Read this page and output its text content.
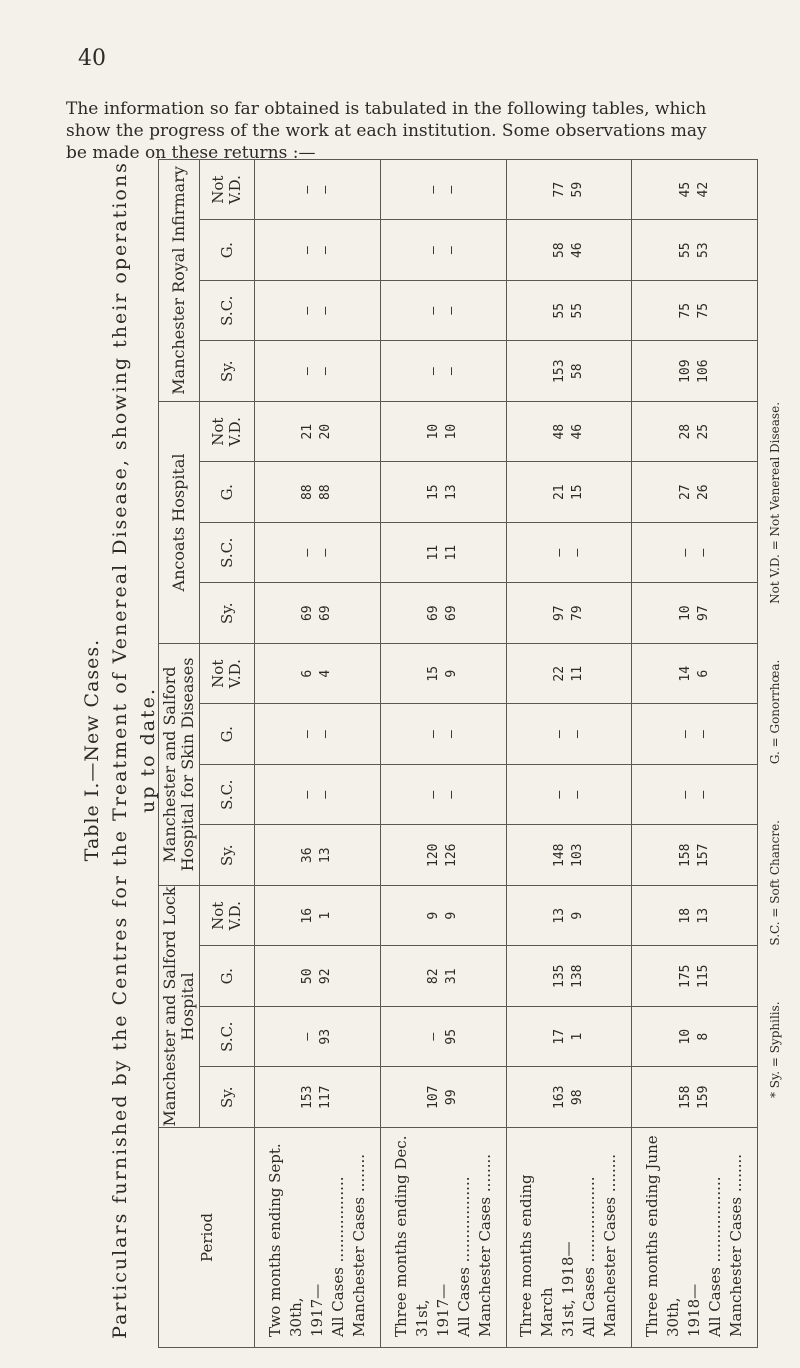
40
The information so far obtained is tabulated in the following tables, which
show the progress of the work at each institution. Some observations may
be made on these returns :—
Table I.—New Cases. Particulars furnished by the Centres for the Treatment of Venereal Disease, showing their operations up to date.
Period	Manchester and Salford Lock Hospital				Manchester and Salford Hospital for Skin Diseases				Ancoats Hospital				Manchester Royal Infirmary			
	Sy.	S.C.	G.	Not V.D.	Sy.	S.C.	G.	Not V.D.	Sy.	S.C.	G.	Not V.D.	Sy.	S.C.	G.	Not V.D.

Two months ending Sept. 30th, 1917— All Cases .................. Manchester Cases ........	153 117	— 93	50 92	16 1	36 13	— —	— —	6 4	69 69	— —	88 88	21 20	— —	— —	— —	— —

Three months ending Dec. 31st, 1917— All Cases .................. Manchester Cases ........	107 99	— 95	82 31	9 9	120 126	— —	— —	15 9	69 69	11 11	15 13	10 10	— —	— —	— —	— —

Three months ending March 31st, 1918— All Cases .................. Manchester Cases ........	163 98	17 1	135 138	13 9	148 103	— —	— —	22 11	97 79	— —	21 15	48 46	153 58	55 55	58 46	77 59

Three months ending June 30th, 1918— All Cases .................. Manchester Cases ........	158 159	10 8	175 115	18 13	158 157	— —	— —	14 6	10 97	— —	27 26	28 25	109 106	75 75	55 53	45 42
* Sy. = Syphilis. S.C. = Soft Chancre. G. = Gonorrhœa. Not V.D. = Not Venereal Disease.
